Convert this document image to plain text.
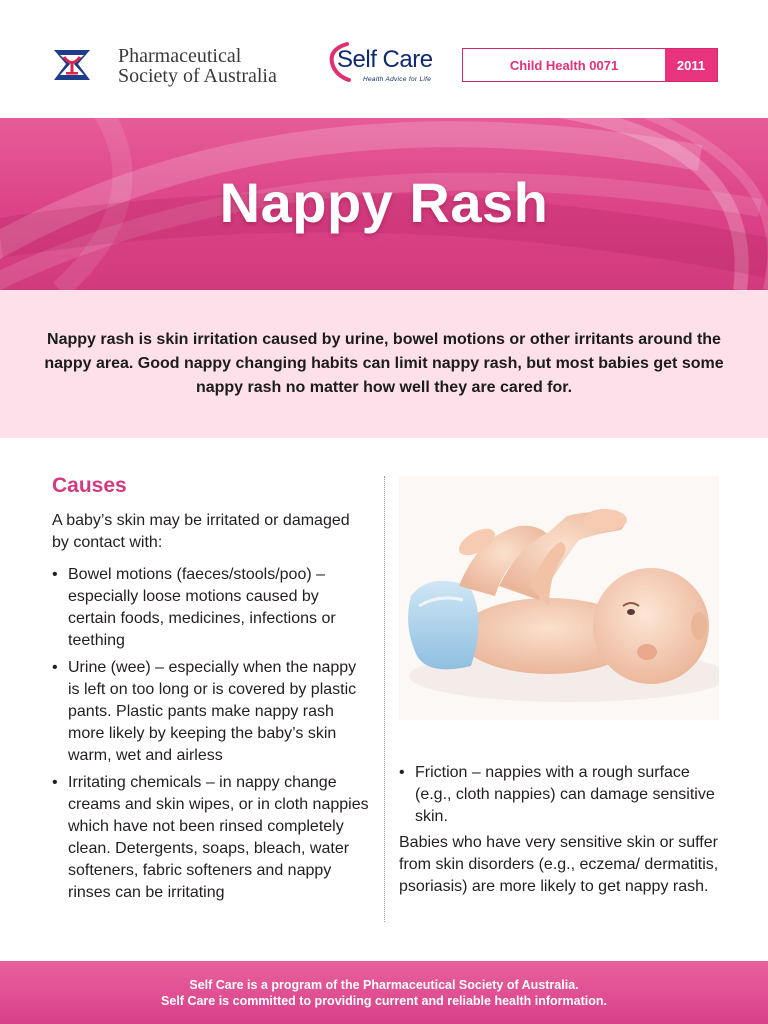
Pharmaceutical
Society of Australia
Self Care
Health Advice for Life
Child Health 0071	2011
Nappy Rash

Nappy rash is skin irritation caused by urine, bowel motions or other irritants around the nappy area. Good nappy changing habits can limit nappy rash, but most babies get some nappy rash no matter how well they are cared for.

Causes

A baby’s skin may be irritated or damaged by contact with:

• Bowel motions (faeces/stools/poo) – especially loose motions caused by certain foods, medicines, infections or teething
• Urine (wee) – especially when the nappy is left on too long or is covered by plastic pants. Plastic pants make nappy rash more likely by keeping the baby’s skin warm, wet and airless
• Irritating chemicals – in nappy change creams and skin wipes, or in cloth nappies which have not been rinsed completely clean. Detergents, soaps, bleach, water softeners, fabric softeners and nappy rinses can be irritating
• Friction – nappies with a rough surface (e.g., cloth nappies) can damage sensitive skin.

Babies who have very sensitive skin or suffer from skin disorders (e.g., eczema/ dermatitis, psoriasis) are more likely to get nappy rash.

Self Care is a program of the Pharmaceutical Society of Australia.
Self Care is committed to providing current and reliable health information.
